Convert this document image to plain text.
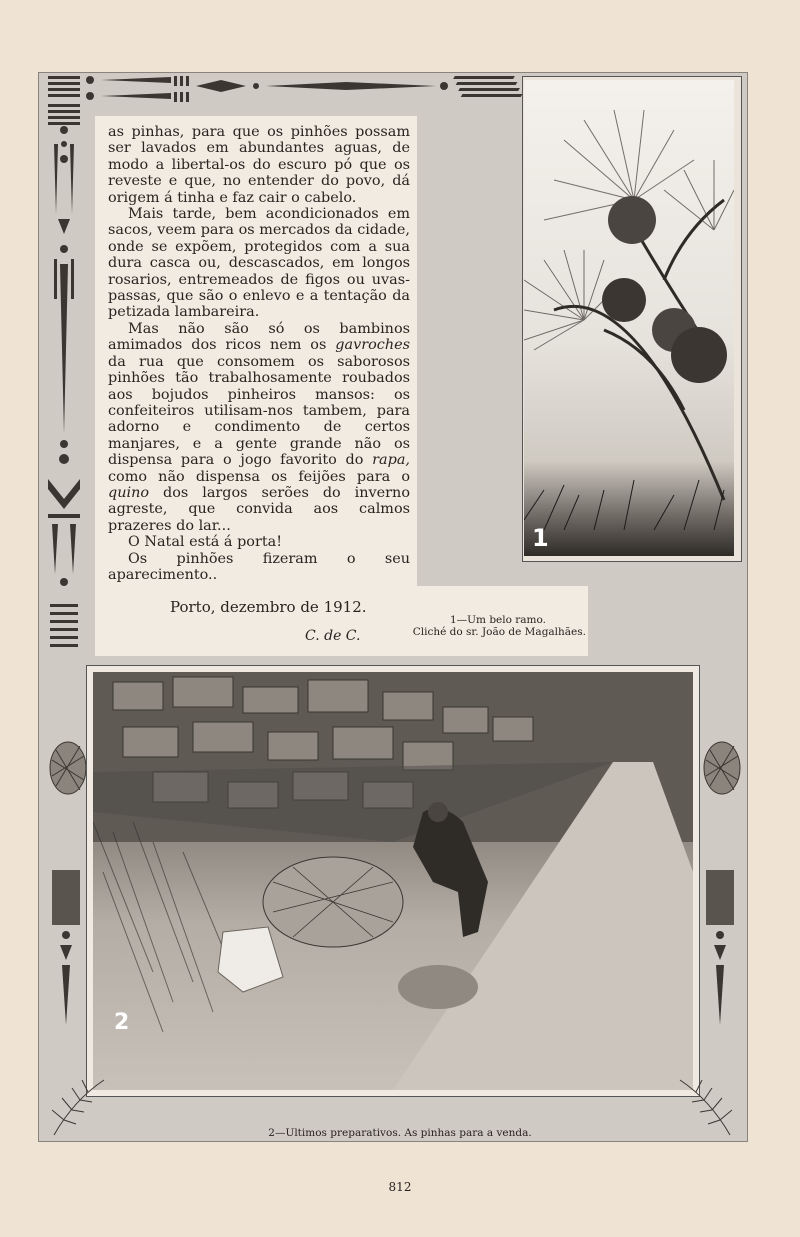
as pinhas, para que os pinhões possam ser lavados em abundantes aguas, de modo a libertal-os do escuro pó que os reveste e que, no entender do povo, dá origem á tinha e faz cair o cabelo.

Mais tarde, bem acondicionados em sacos, veem para os mercados da cidade, onde se expõem, protegidos com a sua dura casca ou, descascados, em longos rosarios, entremeados de figos ou uvas-passas, que são o enlevo e a tentação da petizada lambareira.

Mas não são só os bambinos amimados dos ricos nem os gavroches da rua que consomem os saborosos pinhões tão trabalhosamente roubados aos bojudos pinheiros mansos: os confeiteiros utilisam-nos tambem, para adorno e condimento de certos manjares, e a gente grande não os dispensa para o jogo favorito do rapa, como não dispensa os feijões para o quino dos largos serões do inverno agreste, que convida aos calmos prazeres do lar...

O Natal está á porta!

Os pinhões fizeram o seu aparecimento..

Porto, dezembro de 1912.
C. de C.
1—Um belo ramo.
Cliché do sr. João de Magalhães.
1
2
2—Ultimos preparativos. As pinhas para a venda.
812
